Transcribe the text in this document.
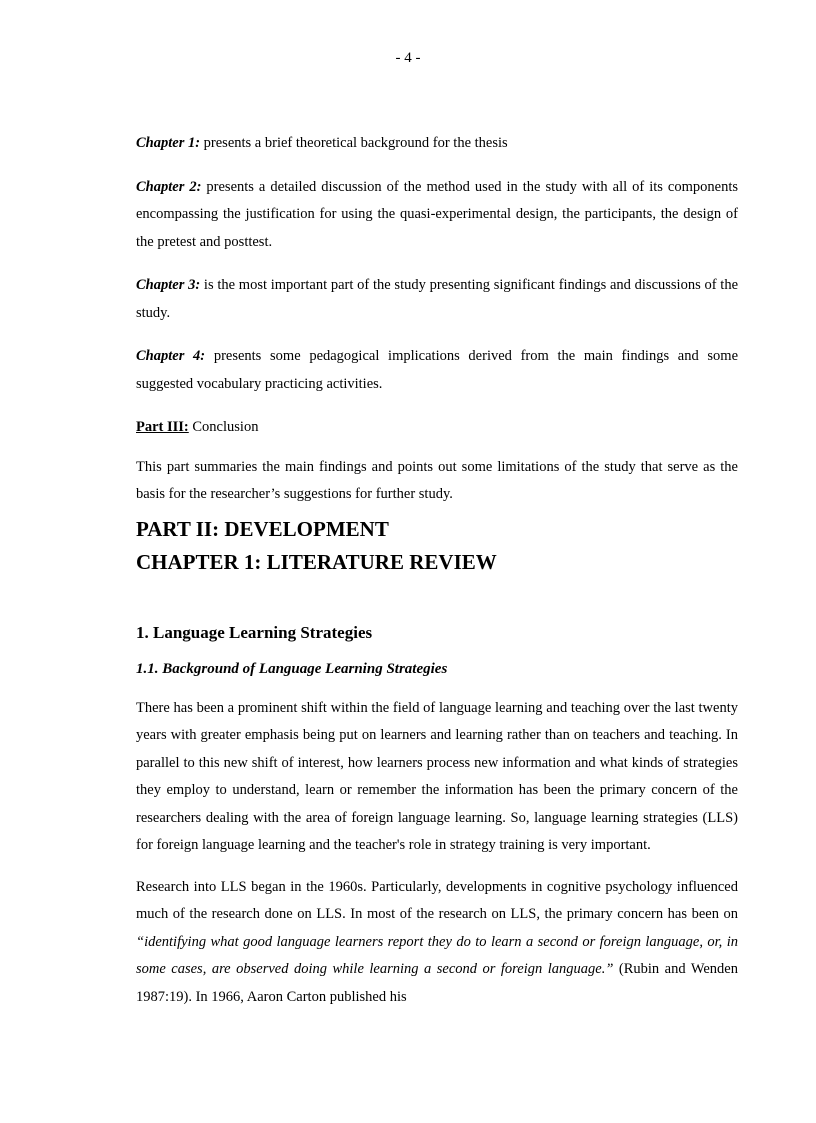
- 4 -

Chapter 1: presents a brief theoretical background for the thesis

Chapter 2: presents a detailed discussion of the method used in the study with all of its components encompassing the justification for using the quasi-experimental design, the participants, the design of the pretest and posttest.

Chapter 3: is the most important part of the study presenting significant findings and discussions of the study.

Chapter 4: presents some pedagogical implications derived from the main findings and some suggested vocabulary practicing activities.

Part III: Conclusion

This part summaries the main findings and points out some limitations of the study that serve as the basis for the researcher’s suggestions for further study.

PART II: DEVELOPMENT

CHAPTER 1: LITERATURE REVIEW

1. Language Learning Strategies

1.1. Background of Language Learning Strategies

There has been a prominent shift within the field of language learning and teaching over the last twenty years with greater emphasis being put on learners and learning rather than on teachers and teaching. In parallel to this new shift of interest, how learners process new information and what kinds of strategies they employ to understand, learn or remember the information has been the primary concern of the researchers dealing with the area of foreign language learning. So, language learning strategies (LLS) for foreign language learning and the teacher's role in strategy training is very important.

Research into LLS began in the 1960s. Particularly, developments in cognitive psychology influenced much of the research done on LLS. In most of the research on LLS, the primary concern has been on “identifying what good language learners report they do to learn a second or foreign language, or, in some cases, are observed doing while learning a second or foreign language.” (Rubin and Wenden 1987:19). In 1966, Aaron Carton published his
